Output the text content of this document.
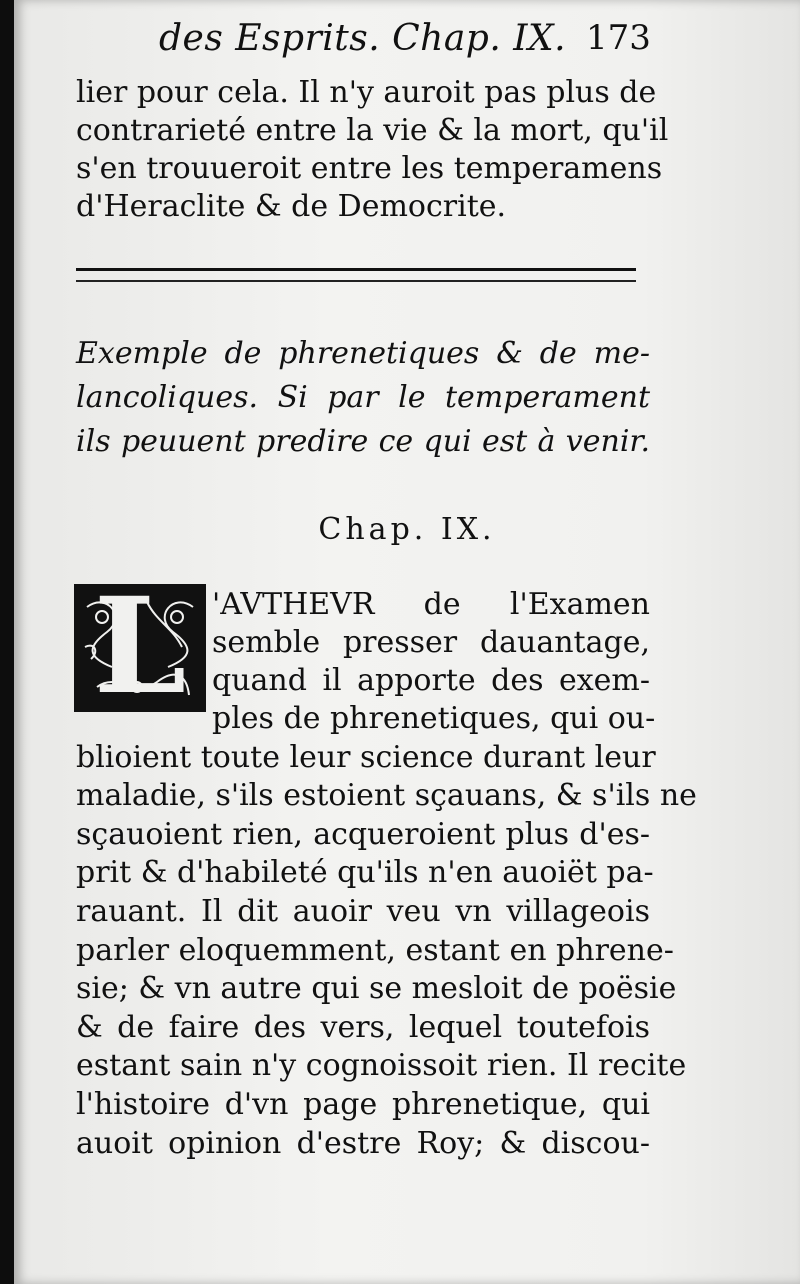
des Esprits. Chap. IX. 173
lier pour cela. Il n'y auroit pas plus de
contrarieté entre la vie & la mort, qu'il
s'en trouueroit entre les temperamens
d'Heraclite & de Democrite.
Exemple de phrenetiques & de me-
lancoliques. Si par le temperament
ils peuuent predire ce qui est à venir.
Chap. IX.
L 'AVTHEVR de l'Examen
semble presser dauantage,
quand il apporte des exem-
ples de phrenetiques, qui ou-
blioient toute leur science durant leur
maladie, s'ils estoient sçauans, & s'ils ne
sçauoient rien, acqueroient plus d'es-
prit & d'habileté qu'ils n'en auoiët pa-
rauant. Il dit auoir veu vn villageois
parler eloquemment, estant en phrene-
sie; & vn autre qui se mesloit de poësie
& de faire des vers, lequel toutefois
estant sain n'y cognoissoit rien. Il recite
l'histoire d'vn page phrenetique, qui
auoit opinion d'estre Roy; & discou-
